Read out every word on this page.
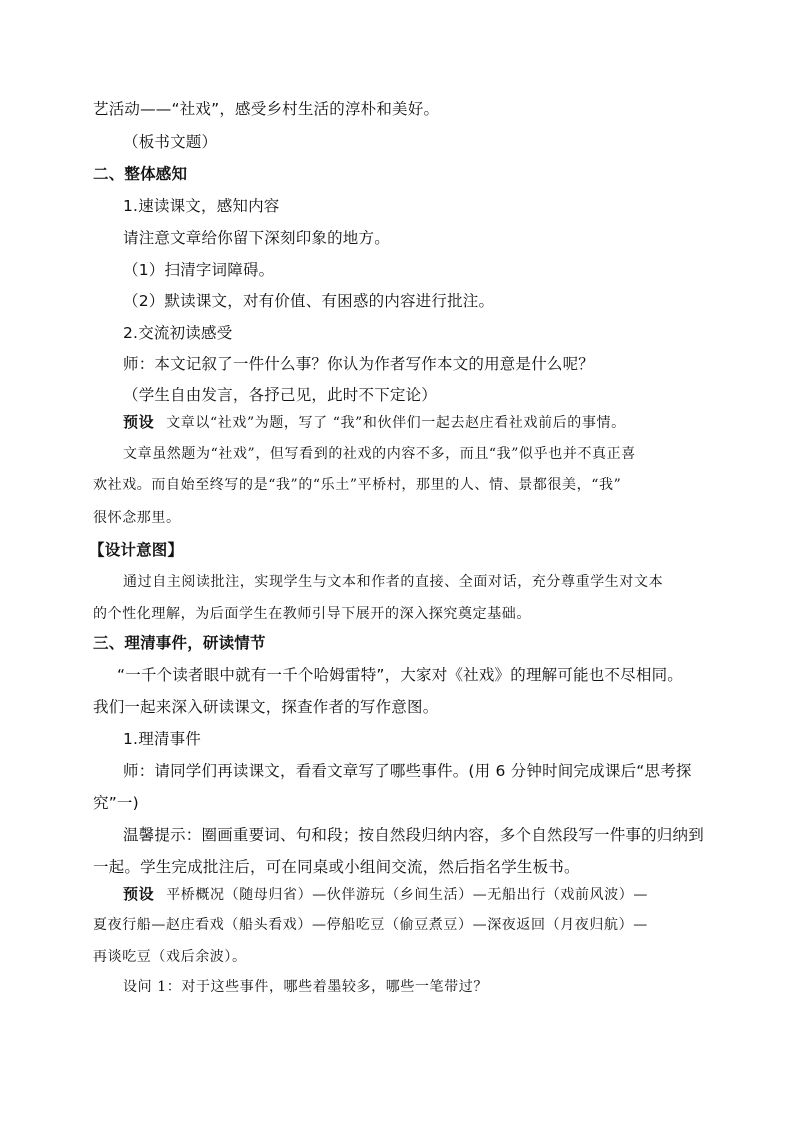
艺活动——“社戏”，感受乡村生活的淳朴和美好。
（板书文题）
二、整体感知
1.速读课文，感知内容
请注意文章给你留下深刻印象的地方。
（1）扫清字词障碍。
（2）默读课文，对有价值、有困惑的内容进行批注。
2.交流初读感受
师：本文记叙了一件什么事？你认为作者写作本文的用意是什么呢？
（学生自由发言，各抒己见，此时不下定论）
预设 文章以“社戏”为题，写了 “我”和伙伴们一起去赵庄看社戏前后的事情。
文章虽然题为“社戏”，但写看到的社戏的内容不多，而且“我”似乎也并不真正喜
欢社戏。而自始至终写的是“我”的“乐土”平桥村，那里的人、情、景都很美，“我”
很怀念那里。
【设计意图】
通过自主阅读批注，实现学生与文本和作者的直接、全面对话，充分尊重学生对文本
的个性化理解，为后面学生在教师引导下展开的深入探究奠定基础。
三、理清事件，研读情节
“一千个读者眼中就有一千个哈姆雷特”，大家对《社戏》的理解可能也不尽相同。
我们一起来深入研读课文，探查作者的写作意图。
1.理清事件
师：请同学们再读课文，看看文章写了哪些事件。(用 6 分钟时间完成课后“思考探
究”一)
温馨提示：圈画重要词、句和段；按自然段归纳内容，多个自然段写一件事的归纳到
一起。学生完成批注后，可在同桌或小组间交流，然后指名学生板书。
预设 平桥概况（随母归省）—伙伴游玩（乡间生活）—无船出行（戏前风波）—
夏夜行船—赵庄看戏（船头看戏）—停船吃豆（偷豆煮豆）—深夜返回（月夜归航）—
再谈吃豆（戏后余波）。
设问 1：对于这些事件，哪些着墨较多，哪些一笔带过？
